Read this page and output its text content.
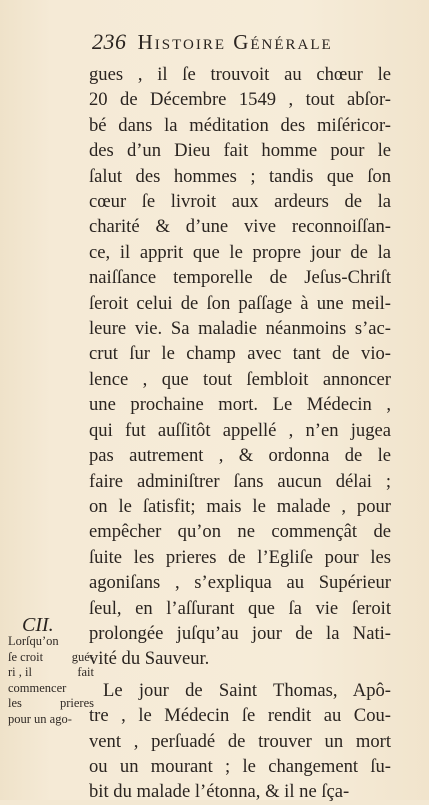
236 Histoire Générale
gues , il ſe trouvoit au chœur le
20 de Décembre 1549 , tout abſor-
bé dans la méditation des miſéricor-
des d’un Dieu fait homme pour le
ſalut des hommes ; tandis que ſon
cœur ſe livroit aux ardeurs de la
charité & d’une vive reconnoiſſan-
ce, il apprit que le propre jour de la
naiſſance temporelle de Jeſus-Chriſt
ſeroit celui de ſon paſſage à une meil-
leure vie. Sa maladie néanmoins s’ac-
crut ſur le champ avec tant de vio-
lence , que tout ſembloit annoncer
une prochaine mort. Le Médecin ,
qui fut auſſitôt appellé , n’en jugea
pas autrement , & ordonna de le
faire adminiſtrer ſans aucun délai ;
on le ſatisfit; mais le malade , pour
empêcher qu’on ne commençât de
ſuite les prieres de l’Egliſe pour les
agoniſans , s’expliqua au Supérieur
ſeul, en l’aſſurant que ſa vie ſeroit
prolongée juſqu’au jour de la Nati-
vité du Sauveur.
Le jour de Saint Thomas, Apô-
tre , le Médecin ſe rendit au Cou-
vent , perſuadé de trouver un mort
ou un mourant ; le changement ſu-
bit du malade l’étonna, & il ne ſça-
CII.
Lorſqu’on
ſe croit gué-
ri , il	fait
commencer
les	prieres
pour un ago-
